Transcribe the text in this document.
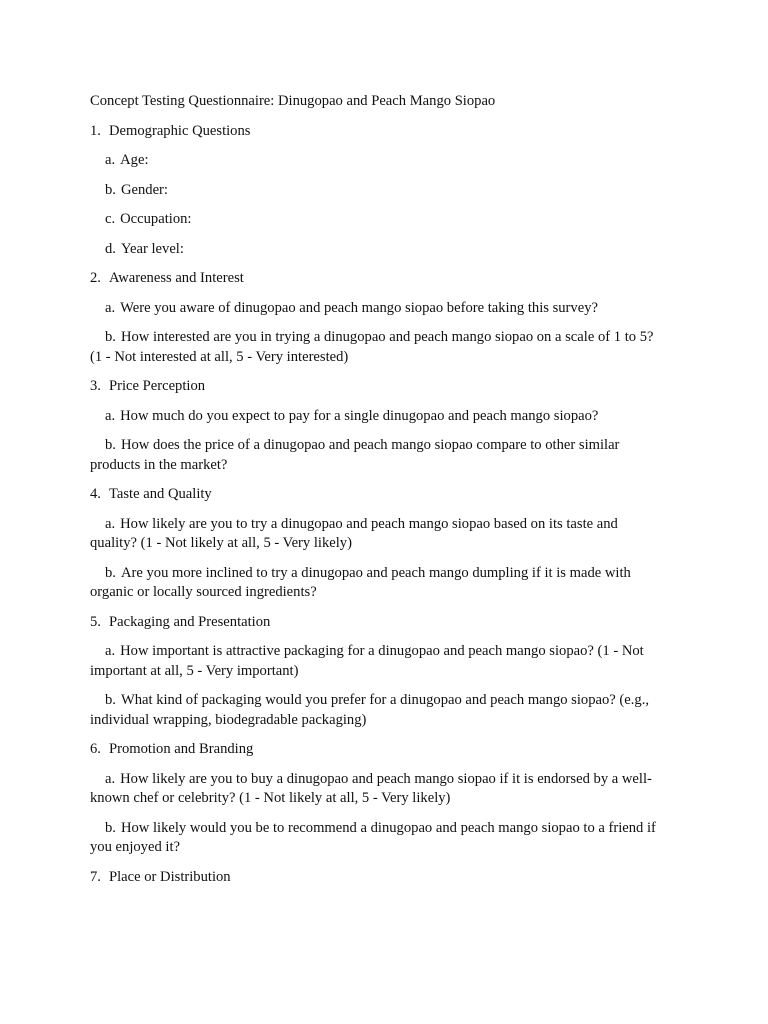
Concept Testing Questionnaire: Dinugopao and Peach Mango Siopao
1. Demographic Questions
a. Age:
b. Gender:
c. Occupation:
d. Year level:
2. Awareness and Interest
a. Were you aware of dinugopao and peach mango siopao before taking this survey?
b. How interested are you in trying a dinugopao and peach mango siopao on a scale of 1 to 5?
(1 - Not interested at all, 5 - Very interested)
3. Price Perception
a. How much do you expect to pay for a single dinugopao and peach mango siopao?
b. How does the price of a dinugopao and peach mango siopao compare to other similar
products in the market?
4. Taste and Quality
a. How likely are you to try a dinugopao and peach mango siopao based on its taste and
quality? (1 - Not likely at all, 5 - Very likely)
b. Are you more inclined to try a dinugopao and peach mango dumpling if it is made with
organic or locally sourced ingredients?
5. Packaging and Presentation
a. How important is attractive packaging for a dinugopao and peach mango siopao? (1 - Not
important at all, 5 - Very important)
b. What kind of packaging would you prefer for a dinugopao and peach mango siopao? (e.g.,
individual wrapping, biodegradable packaging)
6. Promotion and Branding
a. How likely are you to buy a dinugopao and peach mango siopao if it is endorsed by a well-
known chef or celebrity? (1 - Not likely at all, 5 - Very likely)
b. How likely would you be to recommend a dinugopao and peach mango siopao to a friend if
you enjoyed it?
7. Place or Distribution
